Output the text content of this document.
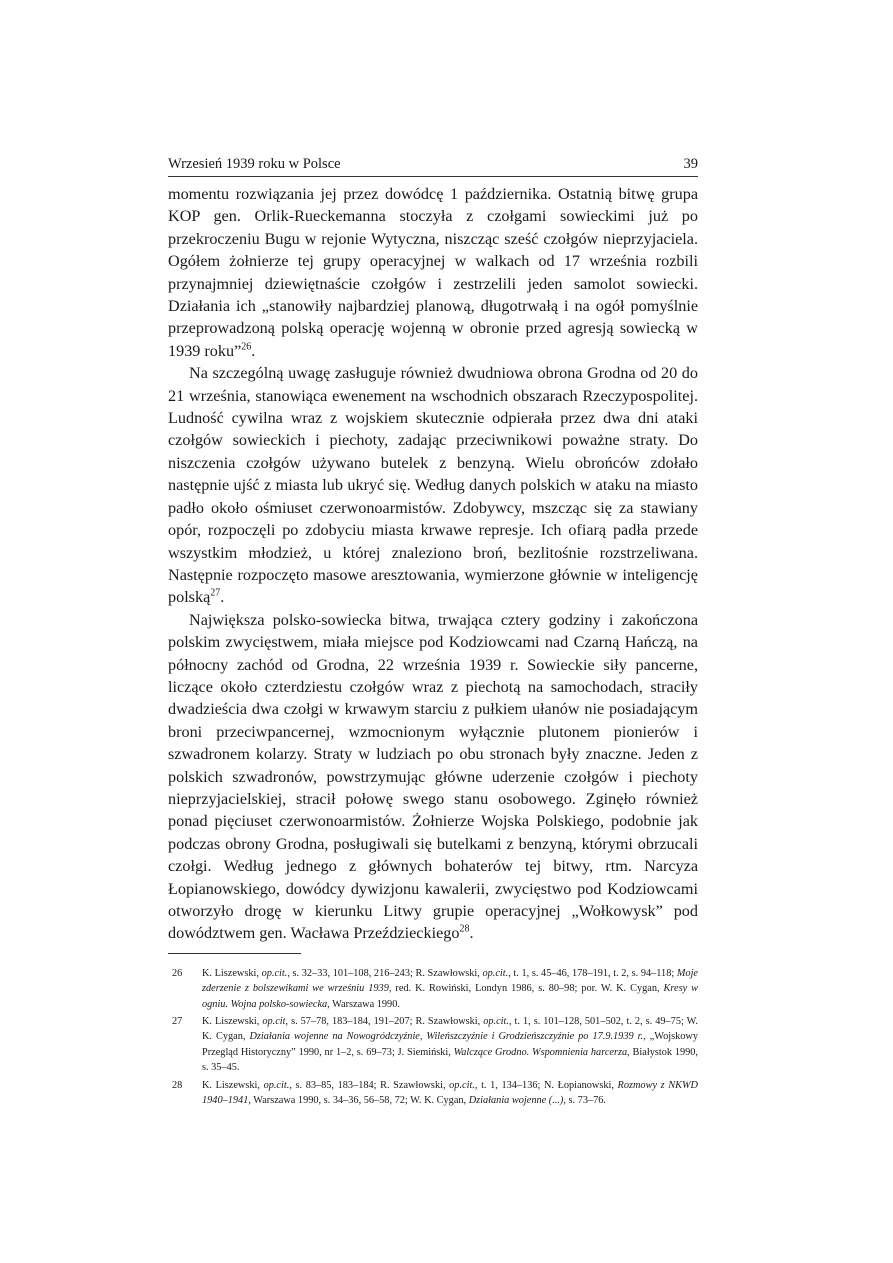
Wrzesień 1939 roku w Polsce	39

momentu rozwiązania jej przez dowódcę 1 października. Ostatnią bitwę grupa KOP gen. Orlik-Rueckemanna stoczyła z czołgami sowieckimi już po przekroczeniu Bugu w rejonie Wytyczna, niszcząc sześć czołgów nieprzyjaciela. Ogółem żołnierze tej grupy operacyjnej w walkach od 17 września rozbili przynajmniej dziewiętnaście czołgów i zestrzelili jeden samolot sowiecki. Działania ich „stanowiły najbardziej planową, długotrwałą i na ogół pomyślnie przeprowadzoną polską operację wojenną w obronie przed agresją sowiecką w 1939 roku”$^{26}$.

Na szczególną uwagę zasługuje również dwudniowa obrona Grodna od 20 do 21 września, stanowiąca ewenement na wschodnich obszarach Rzeczypospolitej. Ludność cywilna wraz z wojskiem skutecznie odpierała przez dwa dni ataki czołgów sowieckich i piechoty, zadając przeciwnikowi poważne straty. Do niszczenia czołgów używano butelek z benzyną. Wielu obrońców zdołało następnie ujść z miasta lub ukryć się. Według danych polskich w ataku na miasto padło około ośmiuset czerwonoarmistów. Zdobywcy, mszcząc się za stawiany opór, rozpoczęli po zdobyciu miasta krwawe represje. Ich ofiarą padła przede wszystkim młodzież, u której znaleziono broń, bezlitośnie rozstrzeliwana. Następnie rozpoczęto masowe aresztowania, wymierzone głównie w inteligencję polską$^{27}$.

Największa polsko-sowiecka bitwa, trwająca cztery godziny i zakończona polskim zwycięstwem, miała miejsce pod Kodziowcami nad Czarną Hańczą, na północny zachód od Grodna, 22 września 1939 r. Sowieckie siły pancerne, liczące około czterdziestu czołgów wraz z piechotą na samochodach, straciły dwadzieścia dwa czołgi w krwawym starciu z pułkiem ułanów nie posiadającym broni przeciwpancernej, wzmocnionym wyłącznie plutonem pionierów i szwadronem kolarzy. Straty w ludziach po obu stronach były znaczne. Jeden z polskich szwadronów, powstrzymując główne uderzenie czołgów i piechoty nieprzyjacielskiej, stracił połowę swego stanu osobowego. Zginęło również ponad pięciuset czerwonoarmistów. Żołnierze Wojska Polskiego, podobnie jak podczas obrony Grodna, posługiwali się butelkami z benzyną, którymi obrzucali czołgi. Według jednego z głównych bohaterów tej bitwy, rtm. Narcyza Łopianowskiego, dowódcy dywizjonu kawalerii, zwycięstwo pod Kodziowcami otworzyło drogę w kierunku Litwy grupie operacyjnej „Wołkowysk” pod dowództwem gen. Wacława Przeździeckiego$^{28}$.

26	K. Liszewski, op.cit., s. 32–33, 101–108, 216–243; R. Szawłowski, op.cit., t. 1, s. 45–46, 178–191, t. 2, s. 94–118; Moje zderzenie z bolszewikami we wrześniu 1939, red. K. Rowiński, Londyn 1986, s. 80–98; por. W. K. Cygan, Kresy w ogniu. Wojna polsko-sowiecka, Warszawa 1990.
27	K. Liszewski, op.cit, s. 57–78, 183–184, 191–207; R. Szawłowski, op.cit., t. 1, s. 101–128, 501–502, t. 2, s. 49–75; W. K. Cygan, Działania wojenne na Nowogródczyźnie, Wileńszczyźnie i Grodzieńszczyźnie po 17.9.1939 r., „Wojskowy Przegląd Historyczny” 1990, nr 1–2, s. 69–73; J. Siemiński, Walczące Grodno. Wspomnienia harcerza, Białystok 1990, s. 35–45.
28	K. Liszewski, op.cit., s. 83–85, 183–184; R. Szawłowski, op.cit., t. 1, 134–136; N. Łopianowski, Rozmowy z NKWD 1940–1941, Warszawa 1990, s. 34–36, 56–58, 72; W. K. Cygan, Działania wojenne (...), s. 73–76.
